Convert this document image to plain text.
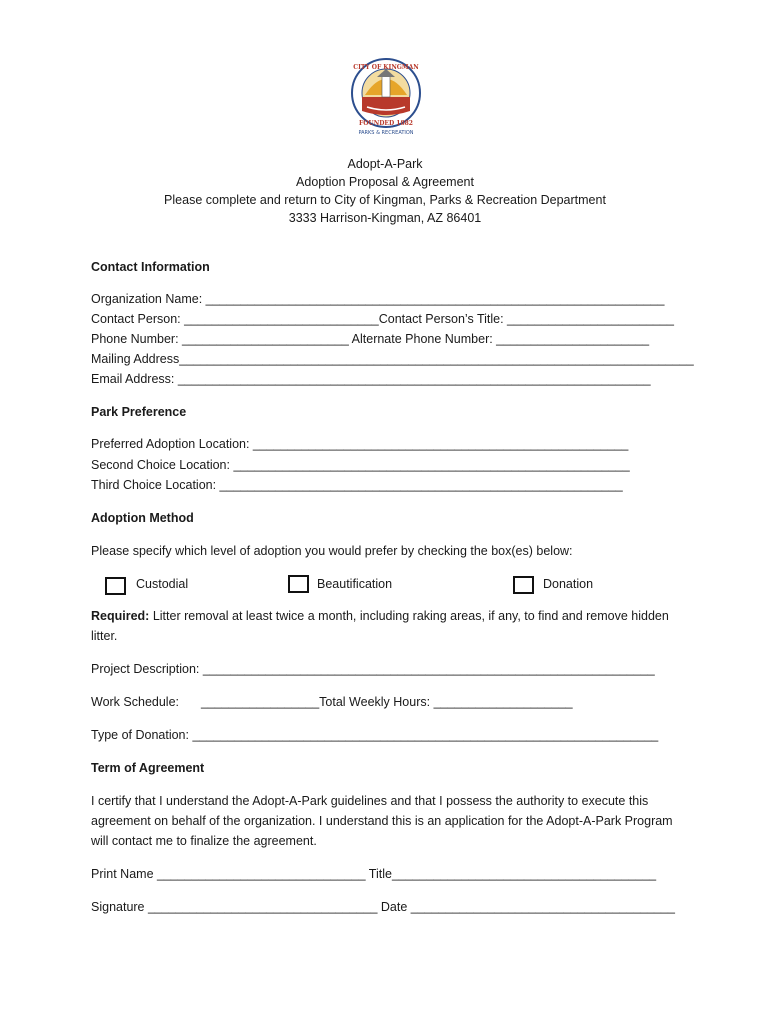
CITY OF KINGMAN
FOUNDED 1882
PARKS & RECREATION
Adopt-A-Park
Adoption Proposal & Agreement
Please complete and return to City of Kingman, Parks & Recreation Department
3333 Harrison-Kingman, AZ 86401
Contact Information
Organization Name: __________________________________________________________________
Contact Person: ____________________________Contact Person’s Title: ________________________
Phone Number: ________________________ Alternate Phone Number: ______________________
Mailing Address__________________________________________________________________________
Email Address: ____________________________________________________________________
Park Preference
Preferred Adoption Location: ______________________________________________________
Second Choice Location: _________________________________________________________
Third Choice Location: __________________________________________________________
Adoption Method
Please specify which level of adoption you would prefer by checking the box(es) below:
Custodial	Beautification	Donation
Required: Litter removal at least twice a month, including raking areas, if any, to find and remove hidden litter.
Project Description: _________________________________________________________________
Work Schedule: _________________Total Weekly Hours: ____________________
Type of Donation: ___________________________________________________________________
Term of Agreement
I certify that I understand the Adopt-A-Park guidelines and that I possess the authority to execute this agreement on behalf of the organization. I understand this is an application for the Adopt-A-Park Program will contact me to finalize the agreement.
Print Name ______________________________ Title______________________________________
Signature _________________________________ Date ______________________________________
